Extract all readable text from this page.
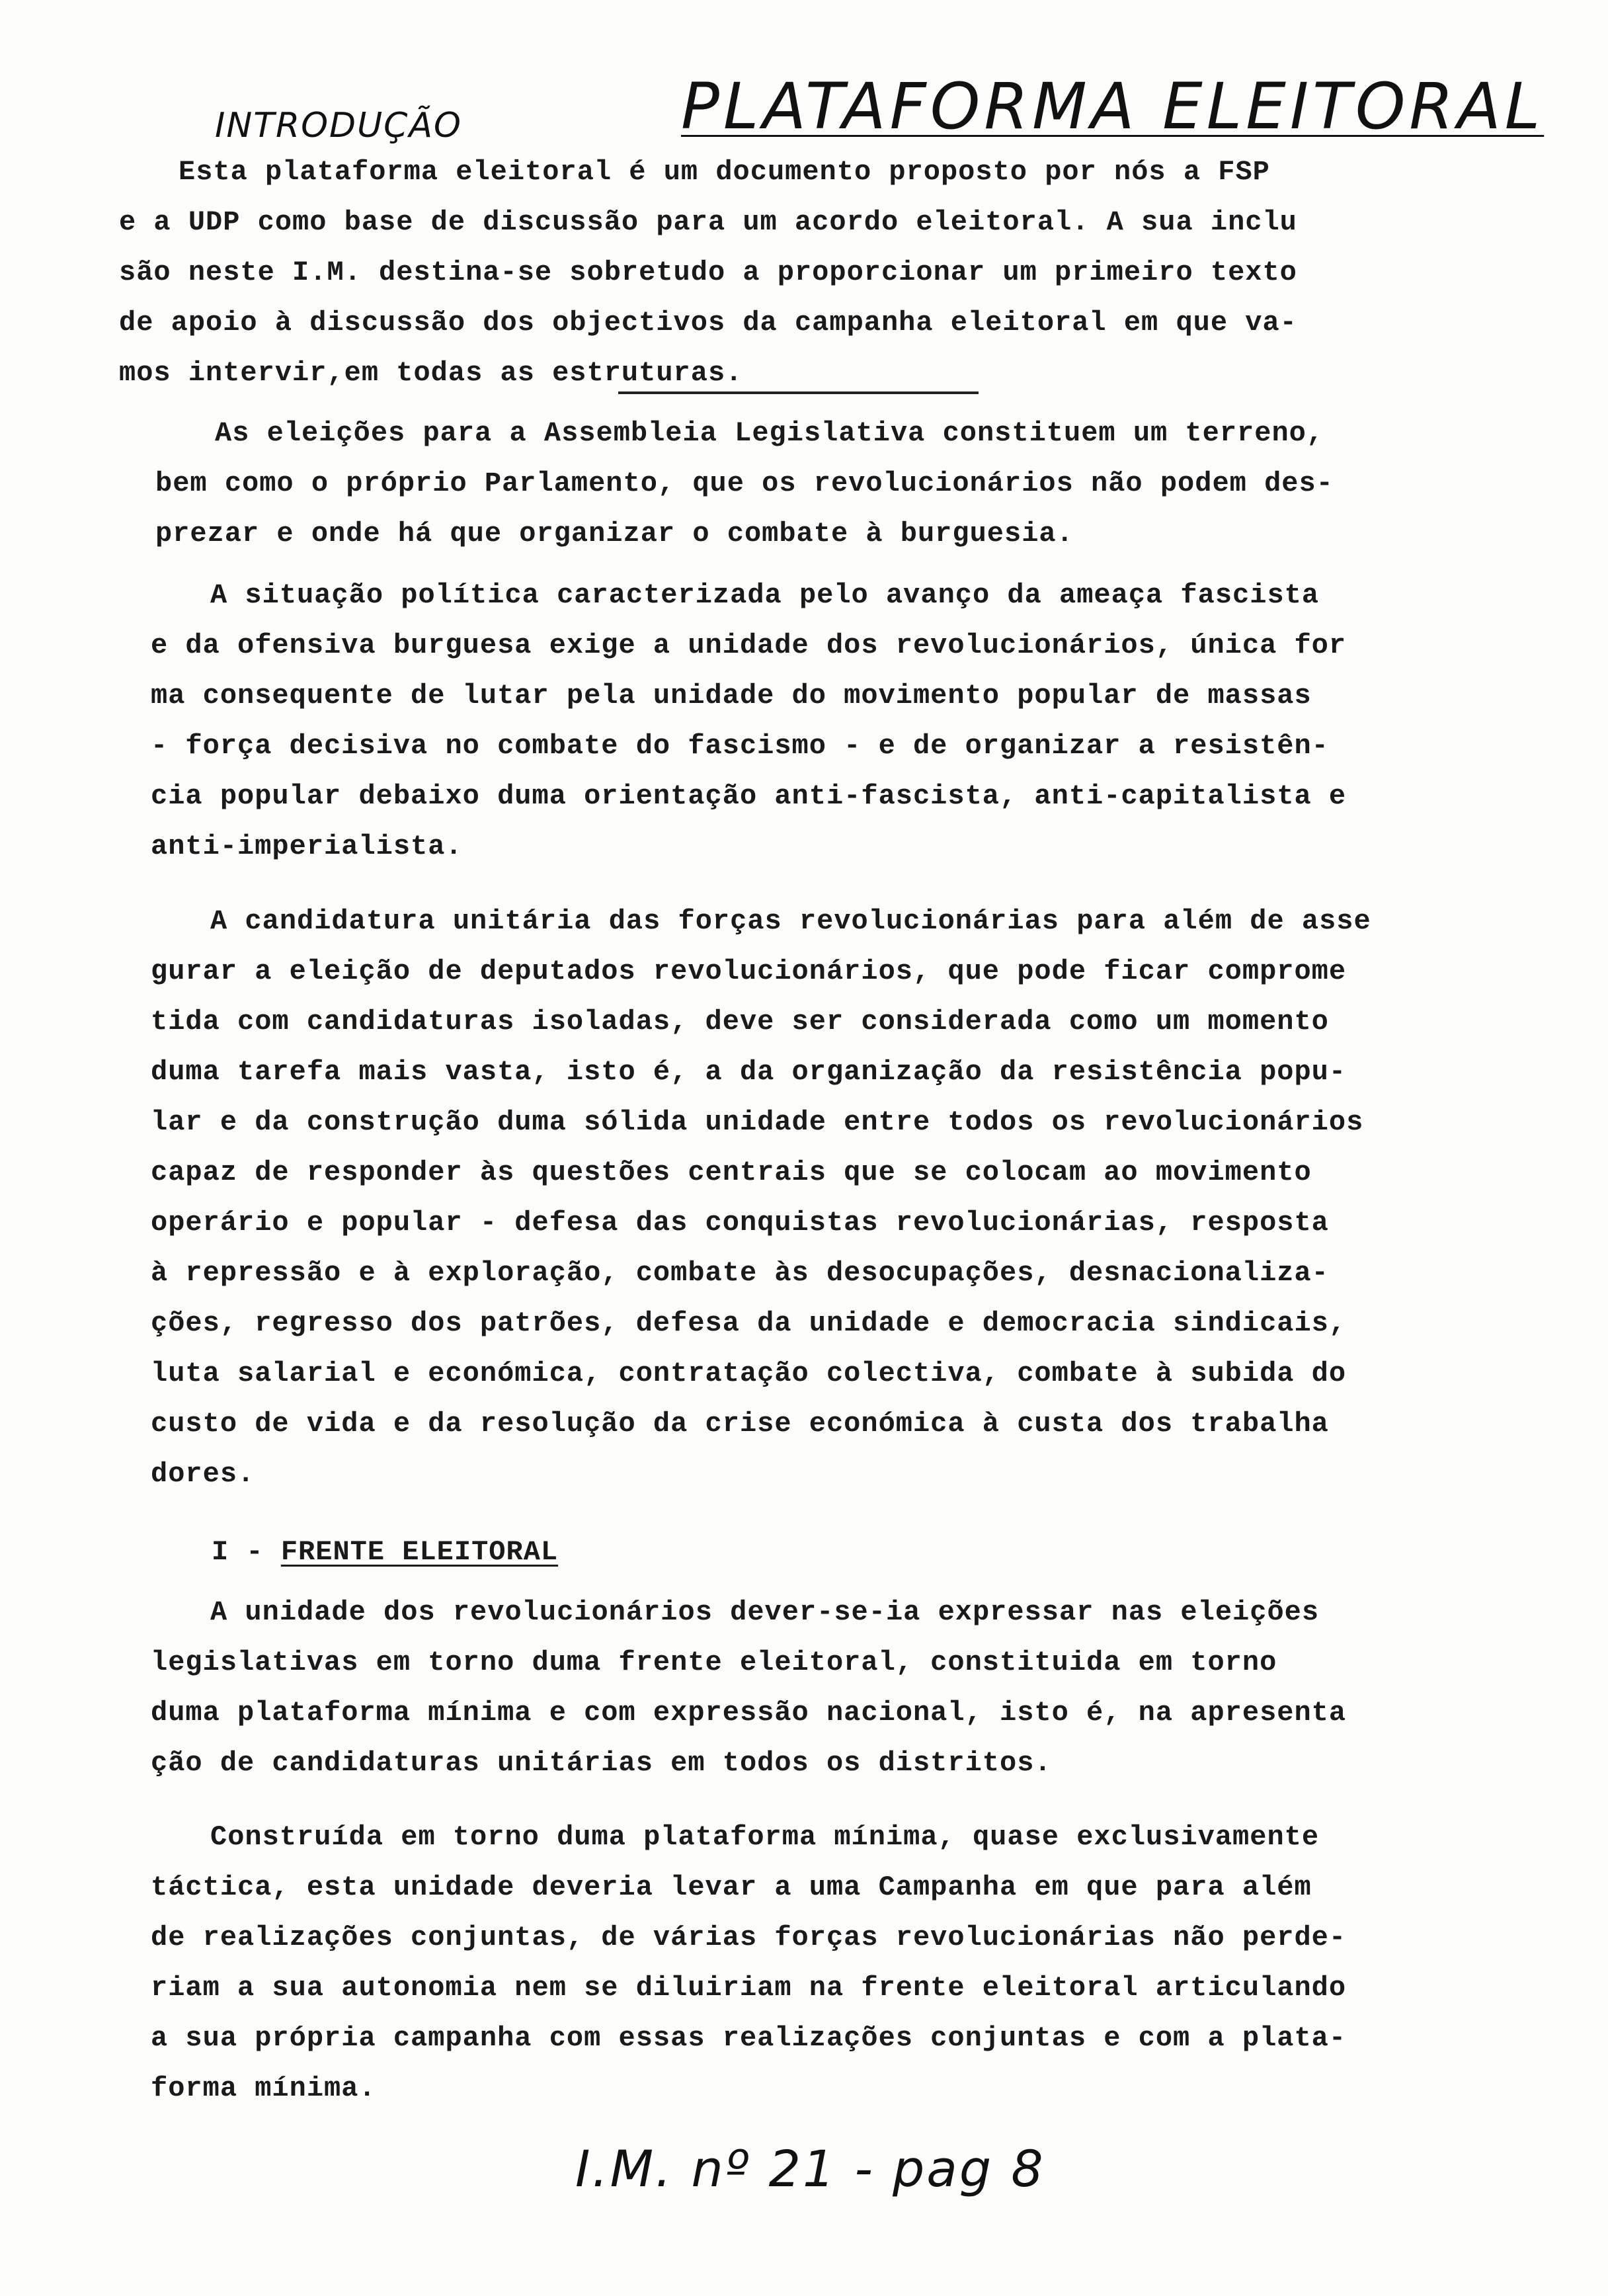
INTRODUÇÃO	PLATAFORMA ELEITORAL
Esta plataforma eleitoral é um documento proposto por nós a FSP
e a UDP como base de discussão para um acordo eleitoral. A sua inclu
são neste I.M. destina-se sobretudo a proporcionar um primeiro texto
de apoio à discussão dos objectivos da campanha eleitoral em que va-
mos intervir,em todas as estruturas.
As eleições para a Assembleia Legislativa constituem um terreno,
bem como o próprio Parlamento, que os revolucionários não podem des-
prezar e onde há que organizar o combate à burguesia.
A situação política caracterizada pelo avanço da ameaça fascista
e da ofensiva burguesa exige a unidade dos revolucionários, única for
ma consequente de lutar pela unidade do movimento popular de massas
- força decisiva no combate do fascismo - e de organizar a resistên-
cia popular debaixo duma orientação anti-fascista, anti-capitalista e
anti-imperialista.
A candidatura unitária das forças revolucionárias para além de asse
gurar a eleição de deputados revolucionários, que pode ficar comprome
tida com candidaturas isoladas, deve ser considerada como um momento
duma tarefa mais vasta, isto é, a da organização da resistência popu-
lar e da construção duma sólida unidade entre todos os revolucionários
capaz de responder às questões centrais que se colocam ao movimento
operário e popular - defesa das conquistas revolucionárias, resposta
à repressão e à exploração, combate às desocupações, desnacionaliza-
ções, regresso dos patrões, defesa da unidade e democracia sindicais,
luta salarial e económica, contratação colectiva, combate à subida do
custo de vida e da resolução da crise económica à custa dos trabalha
dores.
I - FRENTE ELEITORAL
A unidade dos revolucionários dever-se-ia expressar nas eleições
legislativas em torno duma frente eleitoral, constituida em torno
duma plataforma mínima e com expressão nacional, isto é, na apresenta
ção de candidaturas unitárias em todos os distritos.
Construída em torno duma plataforma mínima, quase exclusivamente
táctica, esta unidade deveria levar a uma Campanha em que para além
de realizações conjuntas, de várias forças revolucionárias não perde-
riam a sua autonomia nem se diluiriam na frente eleitoral articulando
a sua própria campanha com essas realizações conjuntas e com a plata-
forma mínima.
I.M. nº 21 - pag 8
